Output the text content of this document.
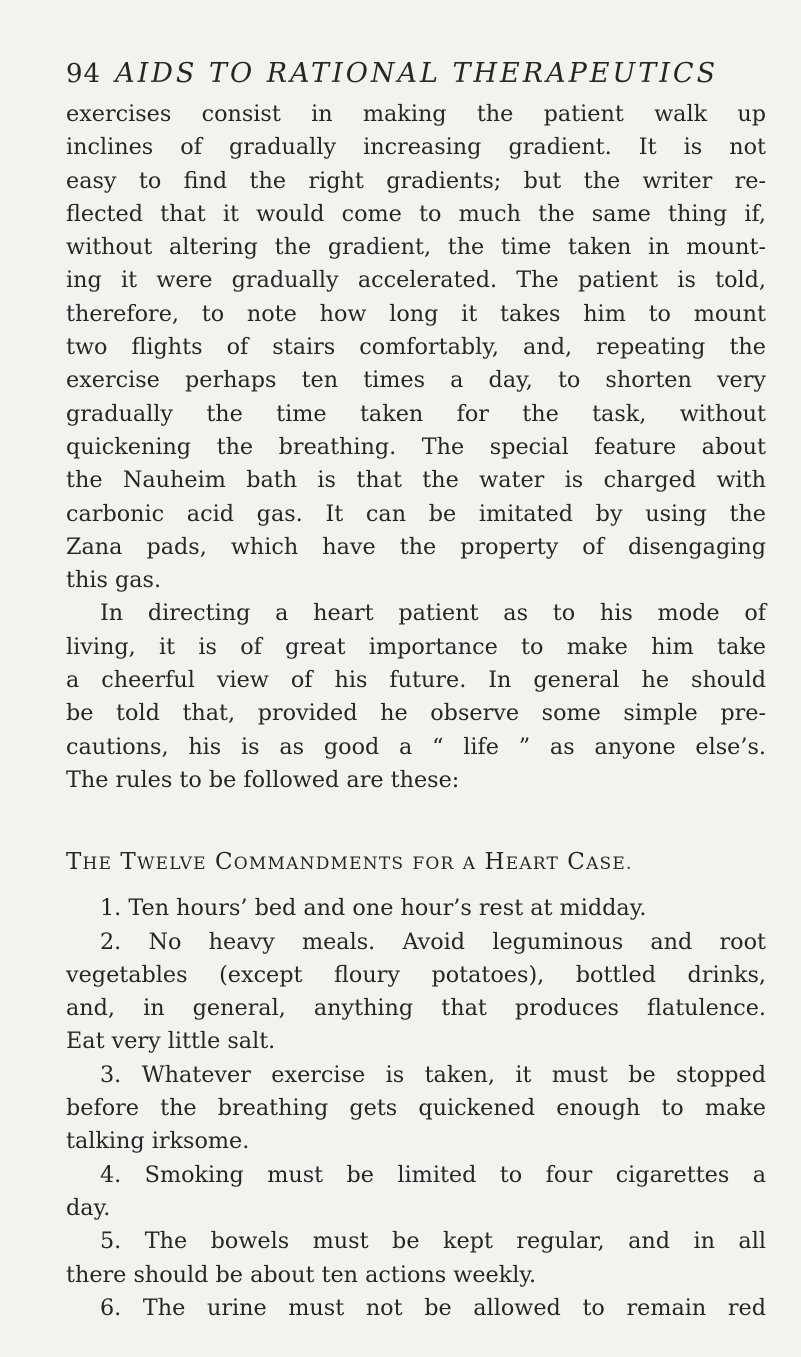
94 AIDS TO RATIONAL THERAPEUTICS
exercises consist in making the patient walk up
inclines of gradually increasing gradient. It is not
easy to find the right gradients; but the writer re-
flected that it would come to much the same thing if,
without altering the gradient, the time taken in mount-
ing it were gradually accelerated. The patient is told,
therefore, to note how long it takes him to mount
two flights of stairs comfortably, and, repeating the
exercise perhaps ten times a day, to shorten very
gradually the time taken for the task, without
quickening the breathing. The special feature about
the Nauheim bath is that the water is charged with
carbonic acid gas. It can be imitated by using the
Zana pads, which have the property of disengaging
this gas.
In directing a heart patient as to his mode of
living, it is of great importance to make him take
a cheerful view of his future. In general he should
be told that, provided he observe some simple pre-
cautions, his is as good a “ life ” as anyone else’s.
The rules to be followed are these:
THE TWELVE COMMANDMENTS FOR A HEART CASE.
1. Ten hours’ bed and one hour’s rest at midday.
2. No heavy meals. Avoid leguminous and root
vegetables (except floury potatoes), bottled drinks,
and, in general, anything that produces flatulence.
Eat very little salt.
3. Whatever exercise is taken, it must be stopped
before the breathing gets quickened enough to make
talking irksome.
4. Smoking must be limited to four cigarettes a
day.
5. The bowels must be kept regular, and in all
there should be about ten actions weekly.
6. The urine must not be allowed to remain red
